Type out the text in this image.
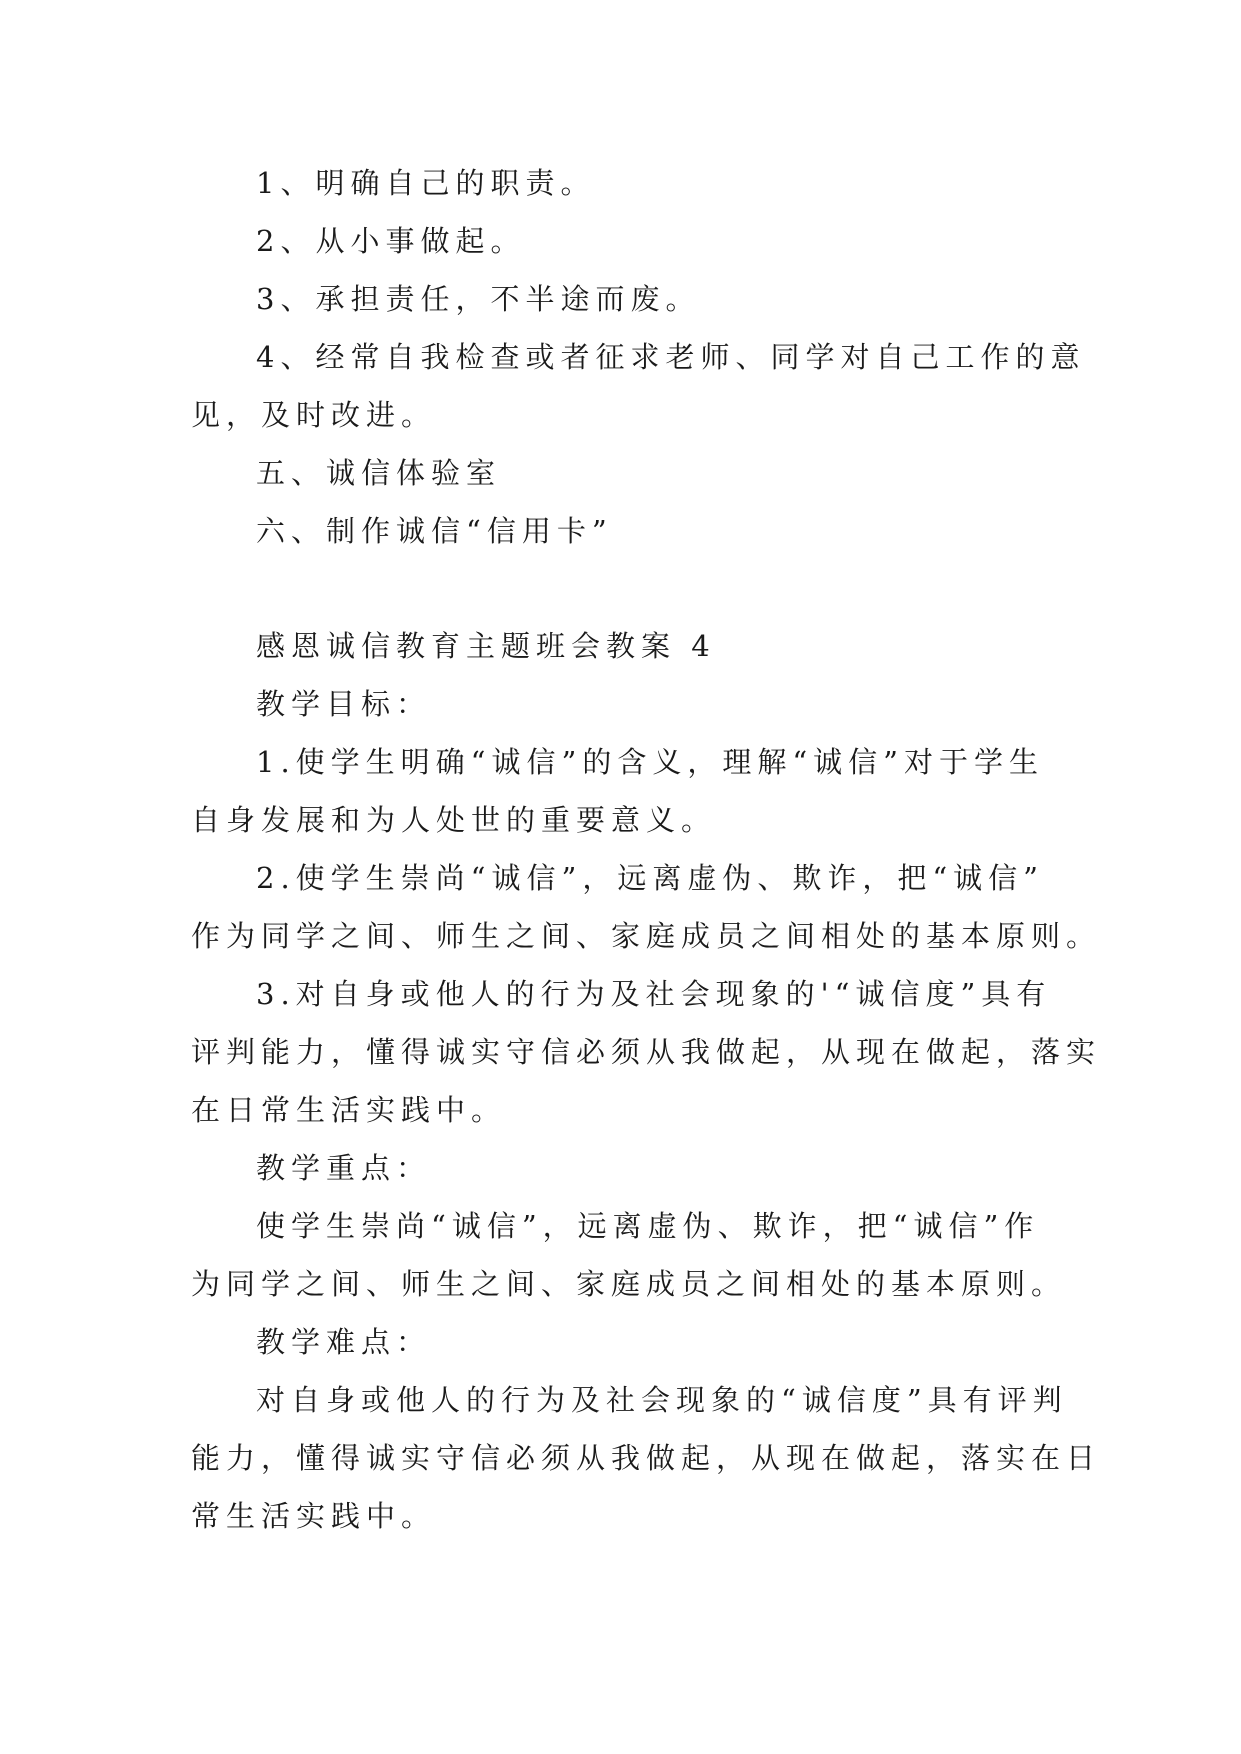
1、明确自己的职责。

2、从小事做起。

3、承担责任，不半途而废。

4、经常自我检查或者征求老师、同学对自己工作的意
见，及时改进。

五、诚信体验室

六、制作诚信“信用卡”

感恩诚信教育主题班会教案 4

教学目标：

1.使学生明确“诚信”的含义，理解“诚信”对于学生
自身发展和为人处世的重要意义。

2.使学生崇尚“诚信”，远离虚伪、欺诈，把“诚信”
作为同学之间、师生之间、家庭成员之间相处的基本原则。

3.对自身或他人的行为及社会现象的'“诚信度”具有
评判能力，懂得诚实守信必须从我做起，从现在做起，落实
在日常生活实践中。

教学重点：

使学生崇尚“诚信”，远离虚伪、欺诈，把“诚信”作
为同学之间、师生之间、家庭成员之间相处的基本原则。

教学难点：

对自身或他人的行为及社会现象的“诚信度”具有评判
能力，懂得诚实守信必须从我做起，从现在做起，落实在日
常生活实践中。
